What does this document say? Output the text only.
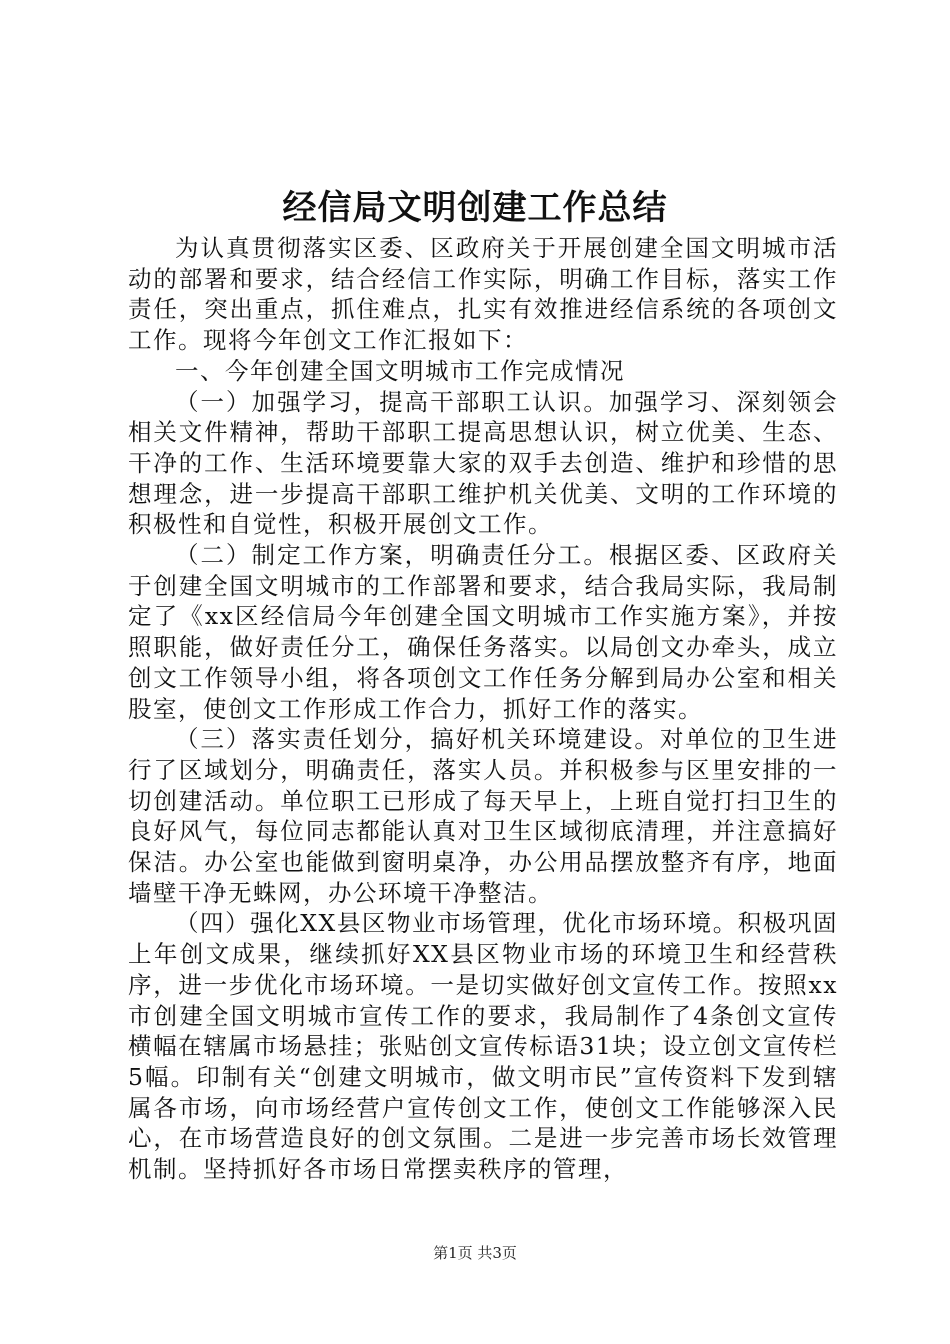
经信局文明创建工作总结

为认真贯彻落实区委、区政府关于开展创建全国文明城市活动的部署和要求，结合经信工作实际，明确工作目标，落实工作责任，突出重点，抓住难点，扎实有效推进经信系统的各项创文工作。现将今年创文工作汇报如下：

一、今年创建全国文明城市工作完成情况

（一）加强学习，提高干部职工认识。加强学习、深刻领会相关文件精神，帮助干部职工提高思想认识，树立优美、生态、干净的工作、生活环境要靠大家的双手去创造、维护和珍惜的思想理念，进一步提高干部职工维护机关优美、文明的工作环境的积极性和自觉性，积极开展创文工作。

（二）制定工作方案，明确责任分工。根据区委、区政府关于创建全国文明城市的工作部署和要求，结合我局实际，我局制定了《xx区经信局今年创建全国文明城市工作实施方案》，并按照职能，做好责任分工，确保任务落实。以局创文办牵头，成立创文工作领导小组，将各项创文工作任务分解到局办公室和相关股室，使创文工作形成工作合力，抓好工作的落实。

（三）落实责任划分，搞好机关环境建设。对单位的卫生进行了区域划分，明确责任，落实人员。并积极参与区里安排的一切创建活动。单位职工已形成了每天早上，上班自觉打扫卫生的良好风气，每位同志都能认真对卫生区域彻底清理，并注意搞好保洁。办公室也能做到窗明桌净，办公用品摆放整齐有序，地面墙壁干净无蛛网，办公环境干净整洁。

（四）强化XX县区物业市场管理，优化市场环境。积极巩固上年创文成果，继续抓好XX县区物业市场的环境卫生和经营秩序，进一步优化市场环境。一是切实做好创文宣传工作。按照xx市创建全国文明城市宣传工作的要求，我局制作了4条创文宣传横幅在辖属市场悬挂；张贴创文宣传标语31块；设立创文宣传栏5幅。印制有关“创建文明城市，做文明市民”宣传资料下发到辖属各市场，向市场经营户宣传创文工作，使创文工作能够深入民心，在市场营造良好的创文氛围。二是进一步完善市场长效管理机制。坚持抓好各市场日常摆卖秩序的管理，

第1页 共3页
